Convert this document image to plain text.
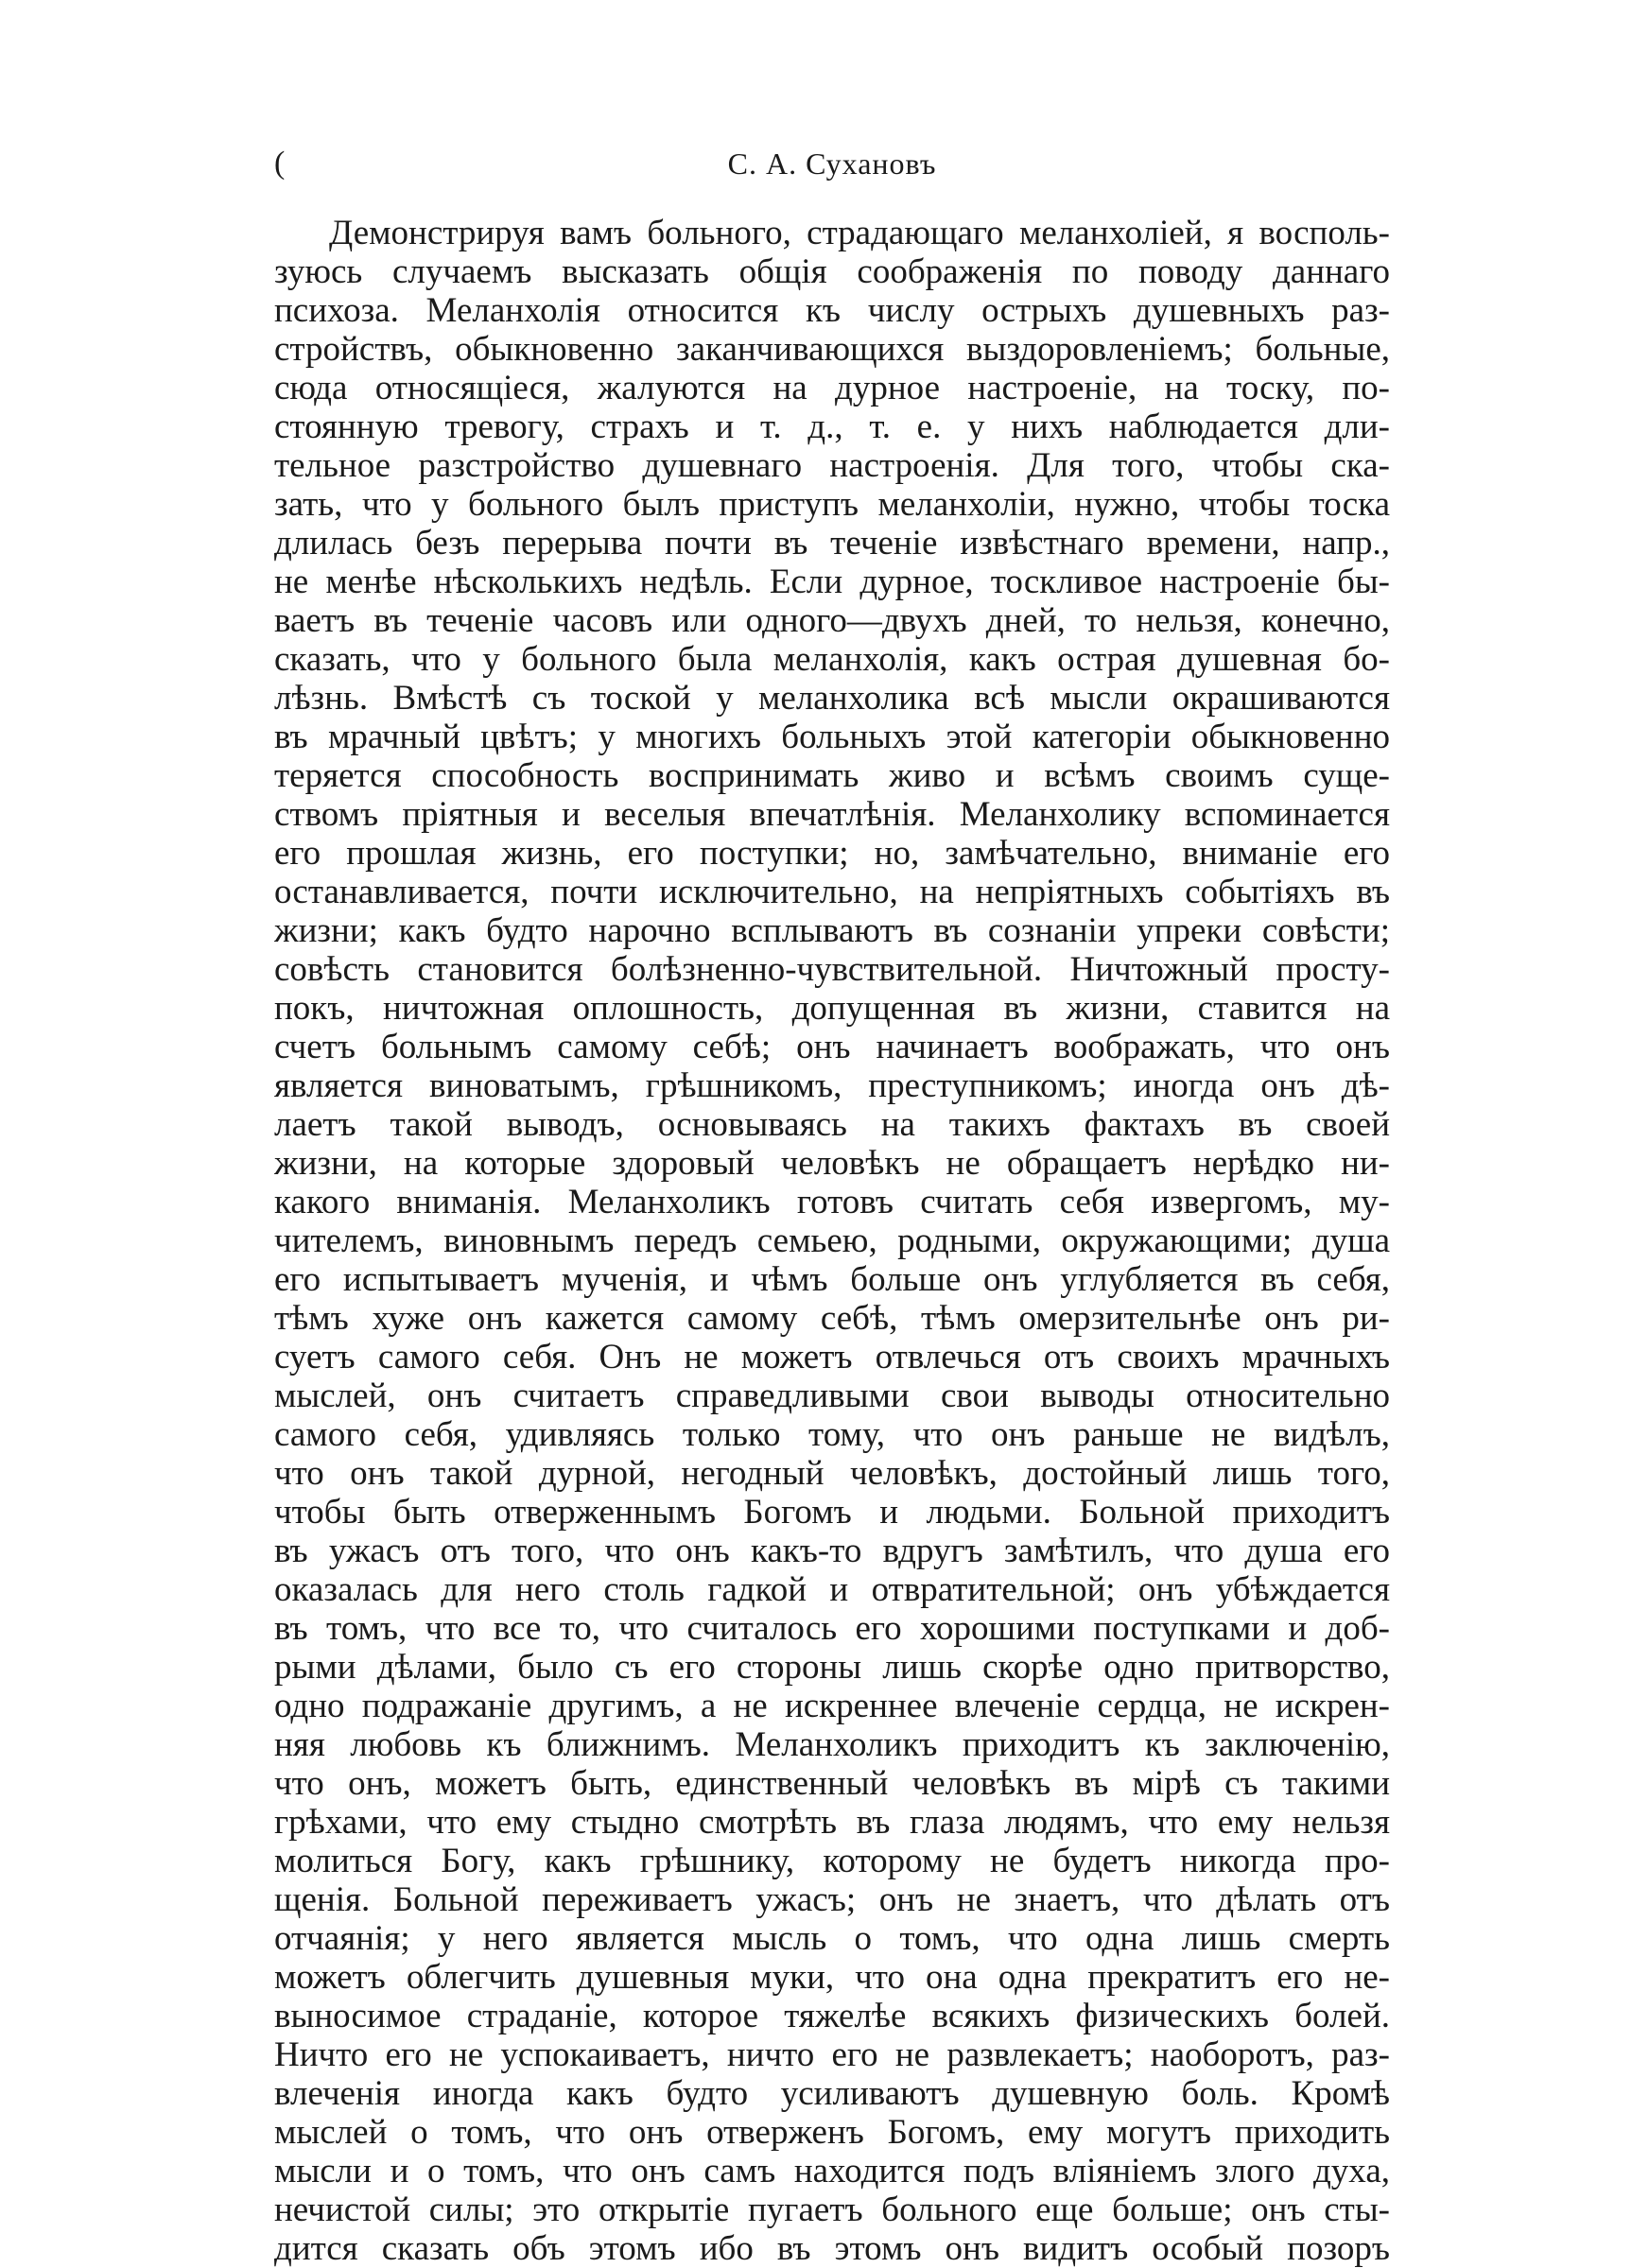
(	С. А. Сухановъ
Демонстрируя вамъ больного, страдающаго меланхоліей, я восполь-
зуюсь случаемъ высказать общія соображенія по поводу даннаго
психоза. Меланхолія относится къ числу острыхъ душевныхъ раз-
стройствъ, обыкновенно заканчивающихся выздоровленіемъ; больные,
сюда относящіеся, жалуются на дурное настроеніе, на тоску, по-
стоянную тревогу, страхъ и т. д., т. е. у нихъ наблюдается дли-
тельное разстройство душевнаго настроенія. Для того, чтобы ска-
зать, что у больного былъ приступъ меланхоліи, нужно, чтобы тоска
длилась безъ перерыва почти въ теченіе извѣстнаго времени, напр.,
не менѣе нѣсколькихъ недѣль. Если дурное, тоскливое настроеніе бы-
ваетъ въ теченіе часовъ или одного—двухъ дней, то нельзя, конечно,
сказать, что у больного была меланхолія, какъ острая душевная бо-
лѣзнь. Вмѣстѣ съ тоской у меланхолика всѣ мысли окрашиваются
въ мрачный цвѣтъ; у многихъ больныхъ этой категоріи обыкновенно
теряется способность воспринимать живо и всѣмъ своимъ суще-
ствомъ пріятныя и веселыя впечатлѣнія. Меланхолику вспоминается
его прошлая жизнь, его поступки; но, замѣчательно, вниманіе его
останавливается, почти исключительно, на непріятныхъ событіяхъ въ
жизни; какъ будто нарочно всплываютъ въ сознаніи упреки совѣсти;
совѣсть становится болѣзненно-чувствительной. Ничтожный просту-
покъ, ничтожная оплошность, допущенная въ жизни, ставится на
счетъ больнымъ самому себѣ; онъ начинаетъ воображать, что онъ
является виноватымъ, грѣшникомъ, преступникомъ; иногда онъ дѣ-
лаетъ такой выводъ, основываясь на такихъ фактахъ въ своей
жизни, на которые здоровый человѣкъ не обращаетъ нерѣдко ни-
какого вниманія. Меланхоликъ готовъ считать себя извергомъ, му-
чителемъ, виновнымъ передъ семьею, родными, окружающими; душа
его испытываетъ мученія, и чѣмъ больше онъ углубляется въ себя,
тѣмъ хуже онъ кажется самому себѣ, тѣмъ омерзительнѣе онъ ри-
суетъ самого себя. Онъ не можетъ отвлечься отъ своихъ мрачныхъ
мыслей, онъ считаетъ справедливыми свои выводы относительно
самого себя, удивляясь только тому, что онъ раньше не видѣлъ,
что онъ такой дурной, негодный человѣкъ, достойный лишь того,
чтобы быть отверженнымъ Богомъ и людьми. Больной приходитъ
въ ужасъ отъ того, что онъ какъ-то вдругъ замѣтилъ, что душа его
оказалась для него столь гадкой и отвратительной; онъ убѣждается
въ томъ, что все то, что считалось его хорошими поступками и доб-
рыми дѣлами, было съ его стороны лишь скорѣе одно притворство,
одно подражаніе другимъ, а не искреннее влеченіе сердца, не искрен-
няя любовь къ ближнимъ. Меланхоликъ приходитъ къ заключенію,
что онъ, можетъ быть, единственный человѣкъ въ мірѣ съ такими
грѣхами, что ему стыдно смотрѣть въ глаза людямъ, что ему нельзя
молиться Богу, какъ грѣшнику, которому не будетъ никогда про-
щенія. Больной переживаетъ ужасъ; онъ не знаетъ, что дѣлать отъ
отчаянія; у него является мысль о томъ, что одна лишь смерть
можетъ облегчить душевныя муки, что она одна прекратитъ его не-
выносимое страданіе, которое тяжелѣе всякихъ физическихъ болей.
Ничто его не успокаиваетъ, ничто его не развлекаетъ; наоборотъ, раз-
влеченія иногда какъ будто усиливаютъ душевную боль. Кромѣ
мыслей о томъ, что онъ отверженъ Богомъ, ему могутъ приходить
мысли и о томъ, что онъ самъ находится подъ вліяніемъ злого духа,
нечистой силы; это открытіе пугаетъ больного еще больше; онъ сты-
дится сказать объ этомъ ибо въ этомъ онъ видитъ особый позоръ
